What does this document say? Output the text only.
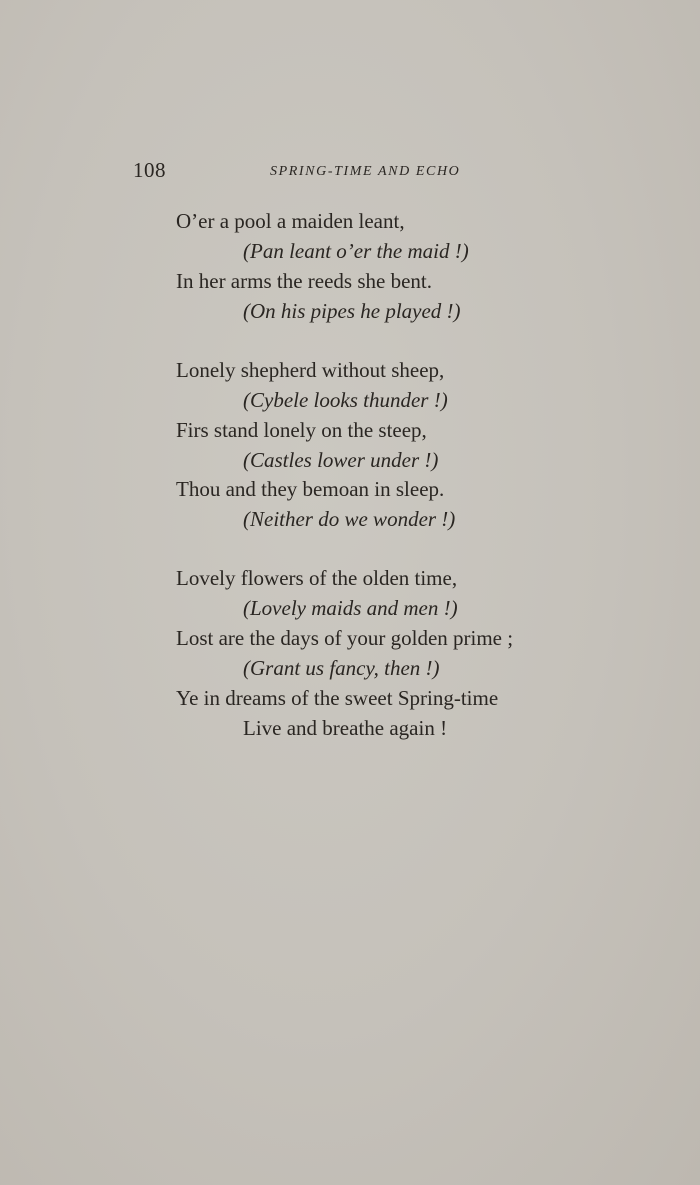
108	SPRING-TIME AND ECHO
O’er a pool a maiden leant,
(Pan leant o’er the maid !)
In her arms the reeds she bent.
(On his pipes he played !)
Lonely shepherd without sheep,
(Cybele looks thunder !)
Firs stand lonely on the steep,
(Castles lower under !)
Thou and they bemoan in sleep.
(Neither do we wonder !)
Lovely flowers of the olden time,
(Lovely maids and men !)
Lost are the days of your golden prime ;
(Grant us fancy, then !)
Ye in dreams of the sweet Spring-time
Live and breathe again !
